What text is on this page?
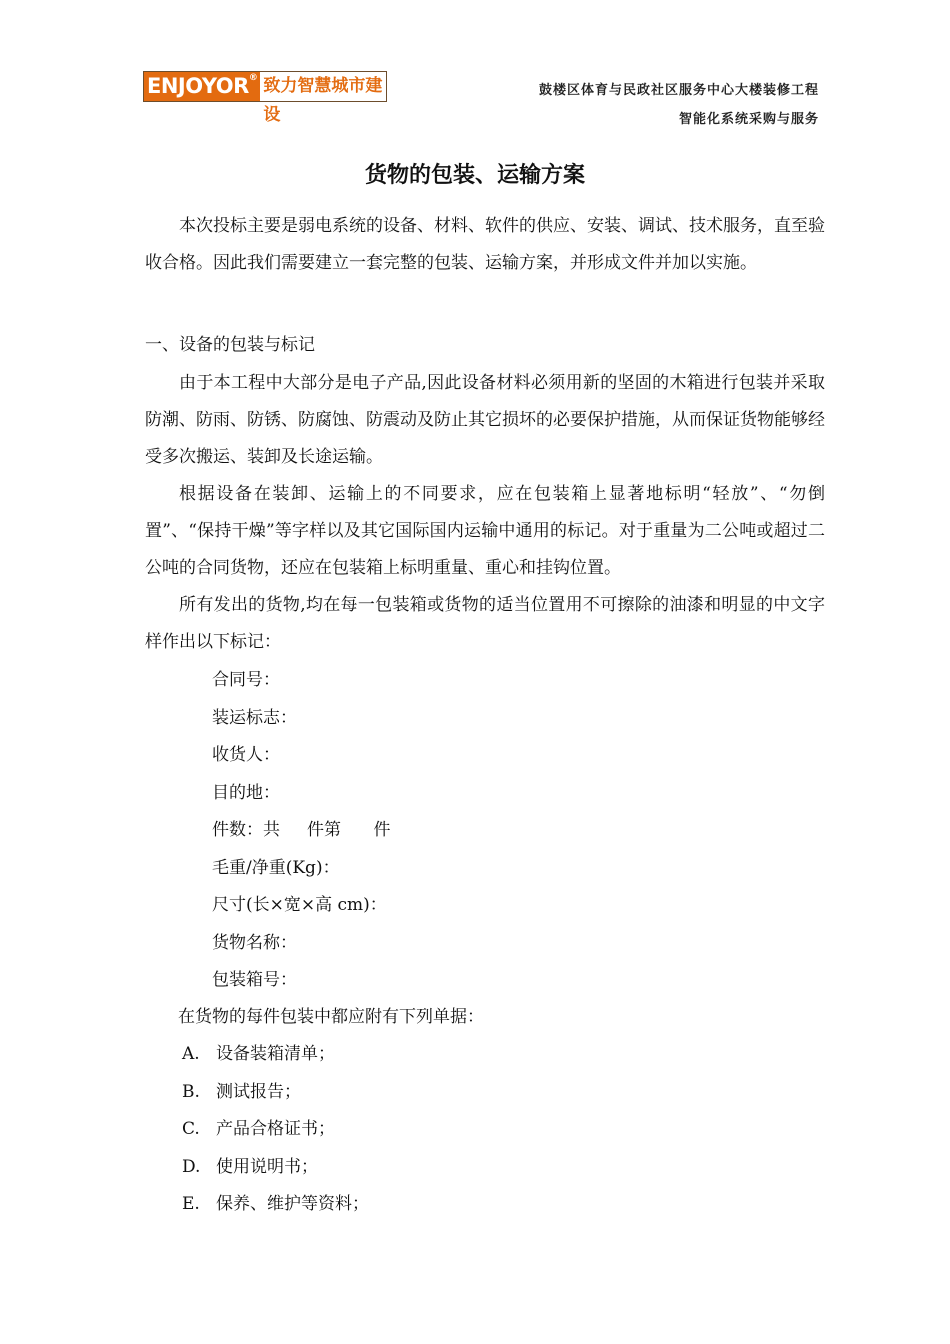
ENJOYOR® 致力智慧城市建设
鼓楼区体育与民政社区服务中心大楼装修工程
智能化系统采购与服务
货物的包装、运输方案

本次投标主要是弱电系统的设备、材料、软件的供应、安装、调试、技术服务，直至验收合格。因此我们需要建立一套完整的包装、运输方案，并形成文件并加以实施。

一、设备的包装与标记

由于本工程中大部分是电子产品,因此设备材料必须用新的坚固的木箱进行包装并采取防潮、防雨、防锈、防腐蚀、防震动及防止其它损坏的必要保护措施，从而保证货物能够经受多次搬运、装卸及长途运输。

根据设备在装卸、运输上的不同要求，应在包装箱上显著地标明“轻放”、“勿倒置”、“保持干燥”等字样以及其它国际国内运输中通用的标记。对于重量为二公吨或超过二公吨的合同货物，还应在包装箱上标明重量、重心和挂钩位置。

所有发出的货物,均在每一包装箱或货物的适当位置用不可擦除的油漆和明显的中文字样作出以下标记：

合同号：
装运标志：
收货人：
目的地：
件数：共     件第      件
毛重/净重(Kg)：
尺寸(长×宽×高 cm)：
货物名称：
包装箱号：
在货物的每件包装中都应附有下列单据：
A. 设备装箱清单；
B. 测试报告；
C. 产品合格证书；
D. 使用说明书；
E. 保养、维护等资料；
